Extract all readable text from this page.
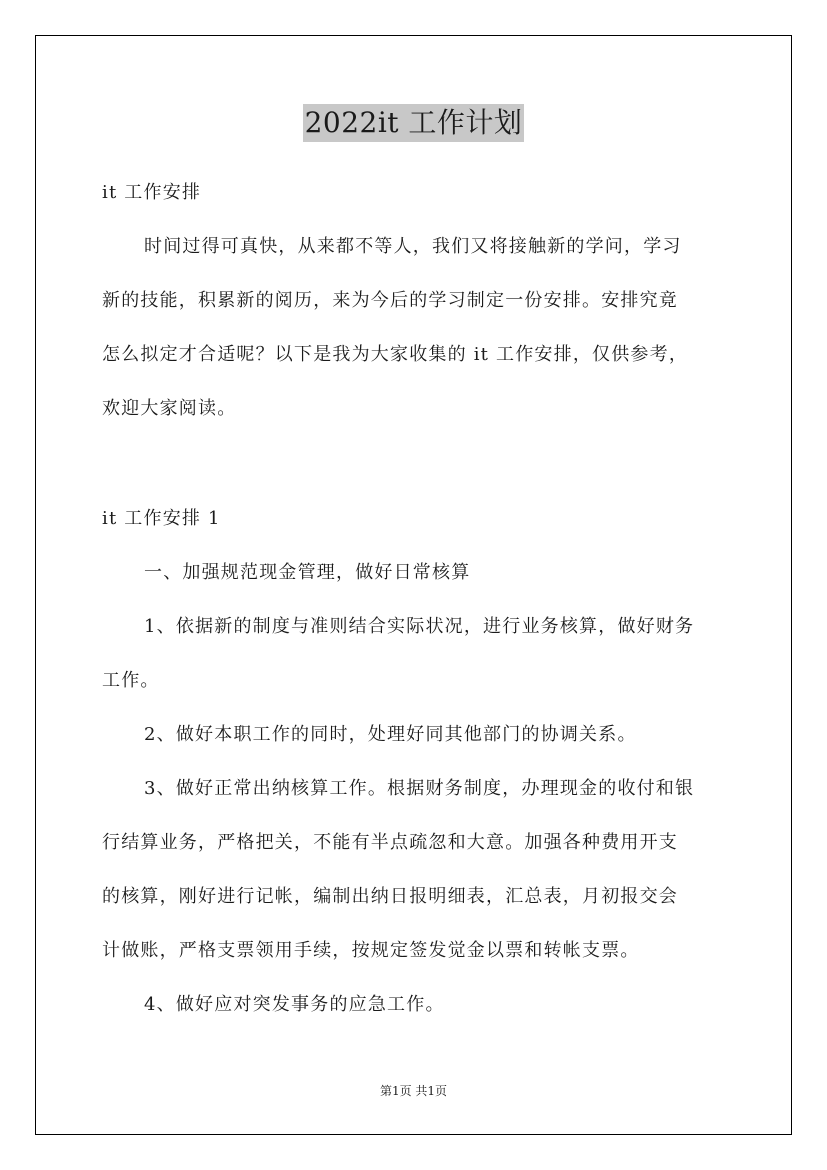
2022it 工作计划
it 工作安排
时间过得可真快，从来都不等人，我们又将接触新的学问，学习
新的技能，积累新的阅历，来为今后的学习制定一份安排。安排究竟
怎么拟定才合适呢？以下是我为大家收集的 it 工作安排，仅供参考，
欢迎大家阅读。
it 工作安排 1
一、加强规范现金管理，做好日常核算
1、依据新的制度与准则结合实际状况，进行业务核算，做好财务
工作。
2、做好本职工作的同时，处理好同其他部门的协调关系。
3、做好正常出纳核算工作。根据财务制度，办理现金的收付和银
行结算业务，严格把关，不能有半点疏忽和大意。加强各种费用开支
的核算，刚好进行记帐，编制出纳日报明细表，汇总表，月初报交会
计做账，严格支票领用手续，按规定签发觉金以票和转帐支票。
4、做好应对突发事务的应急工作。
第1页 共1页
